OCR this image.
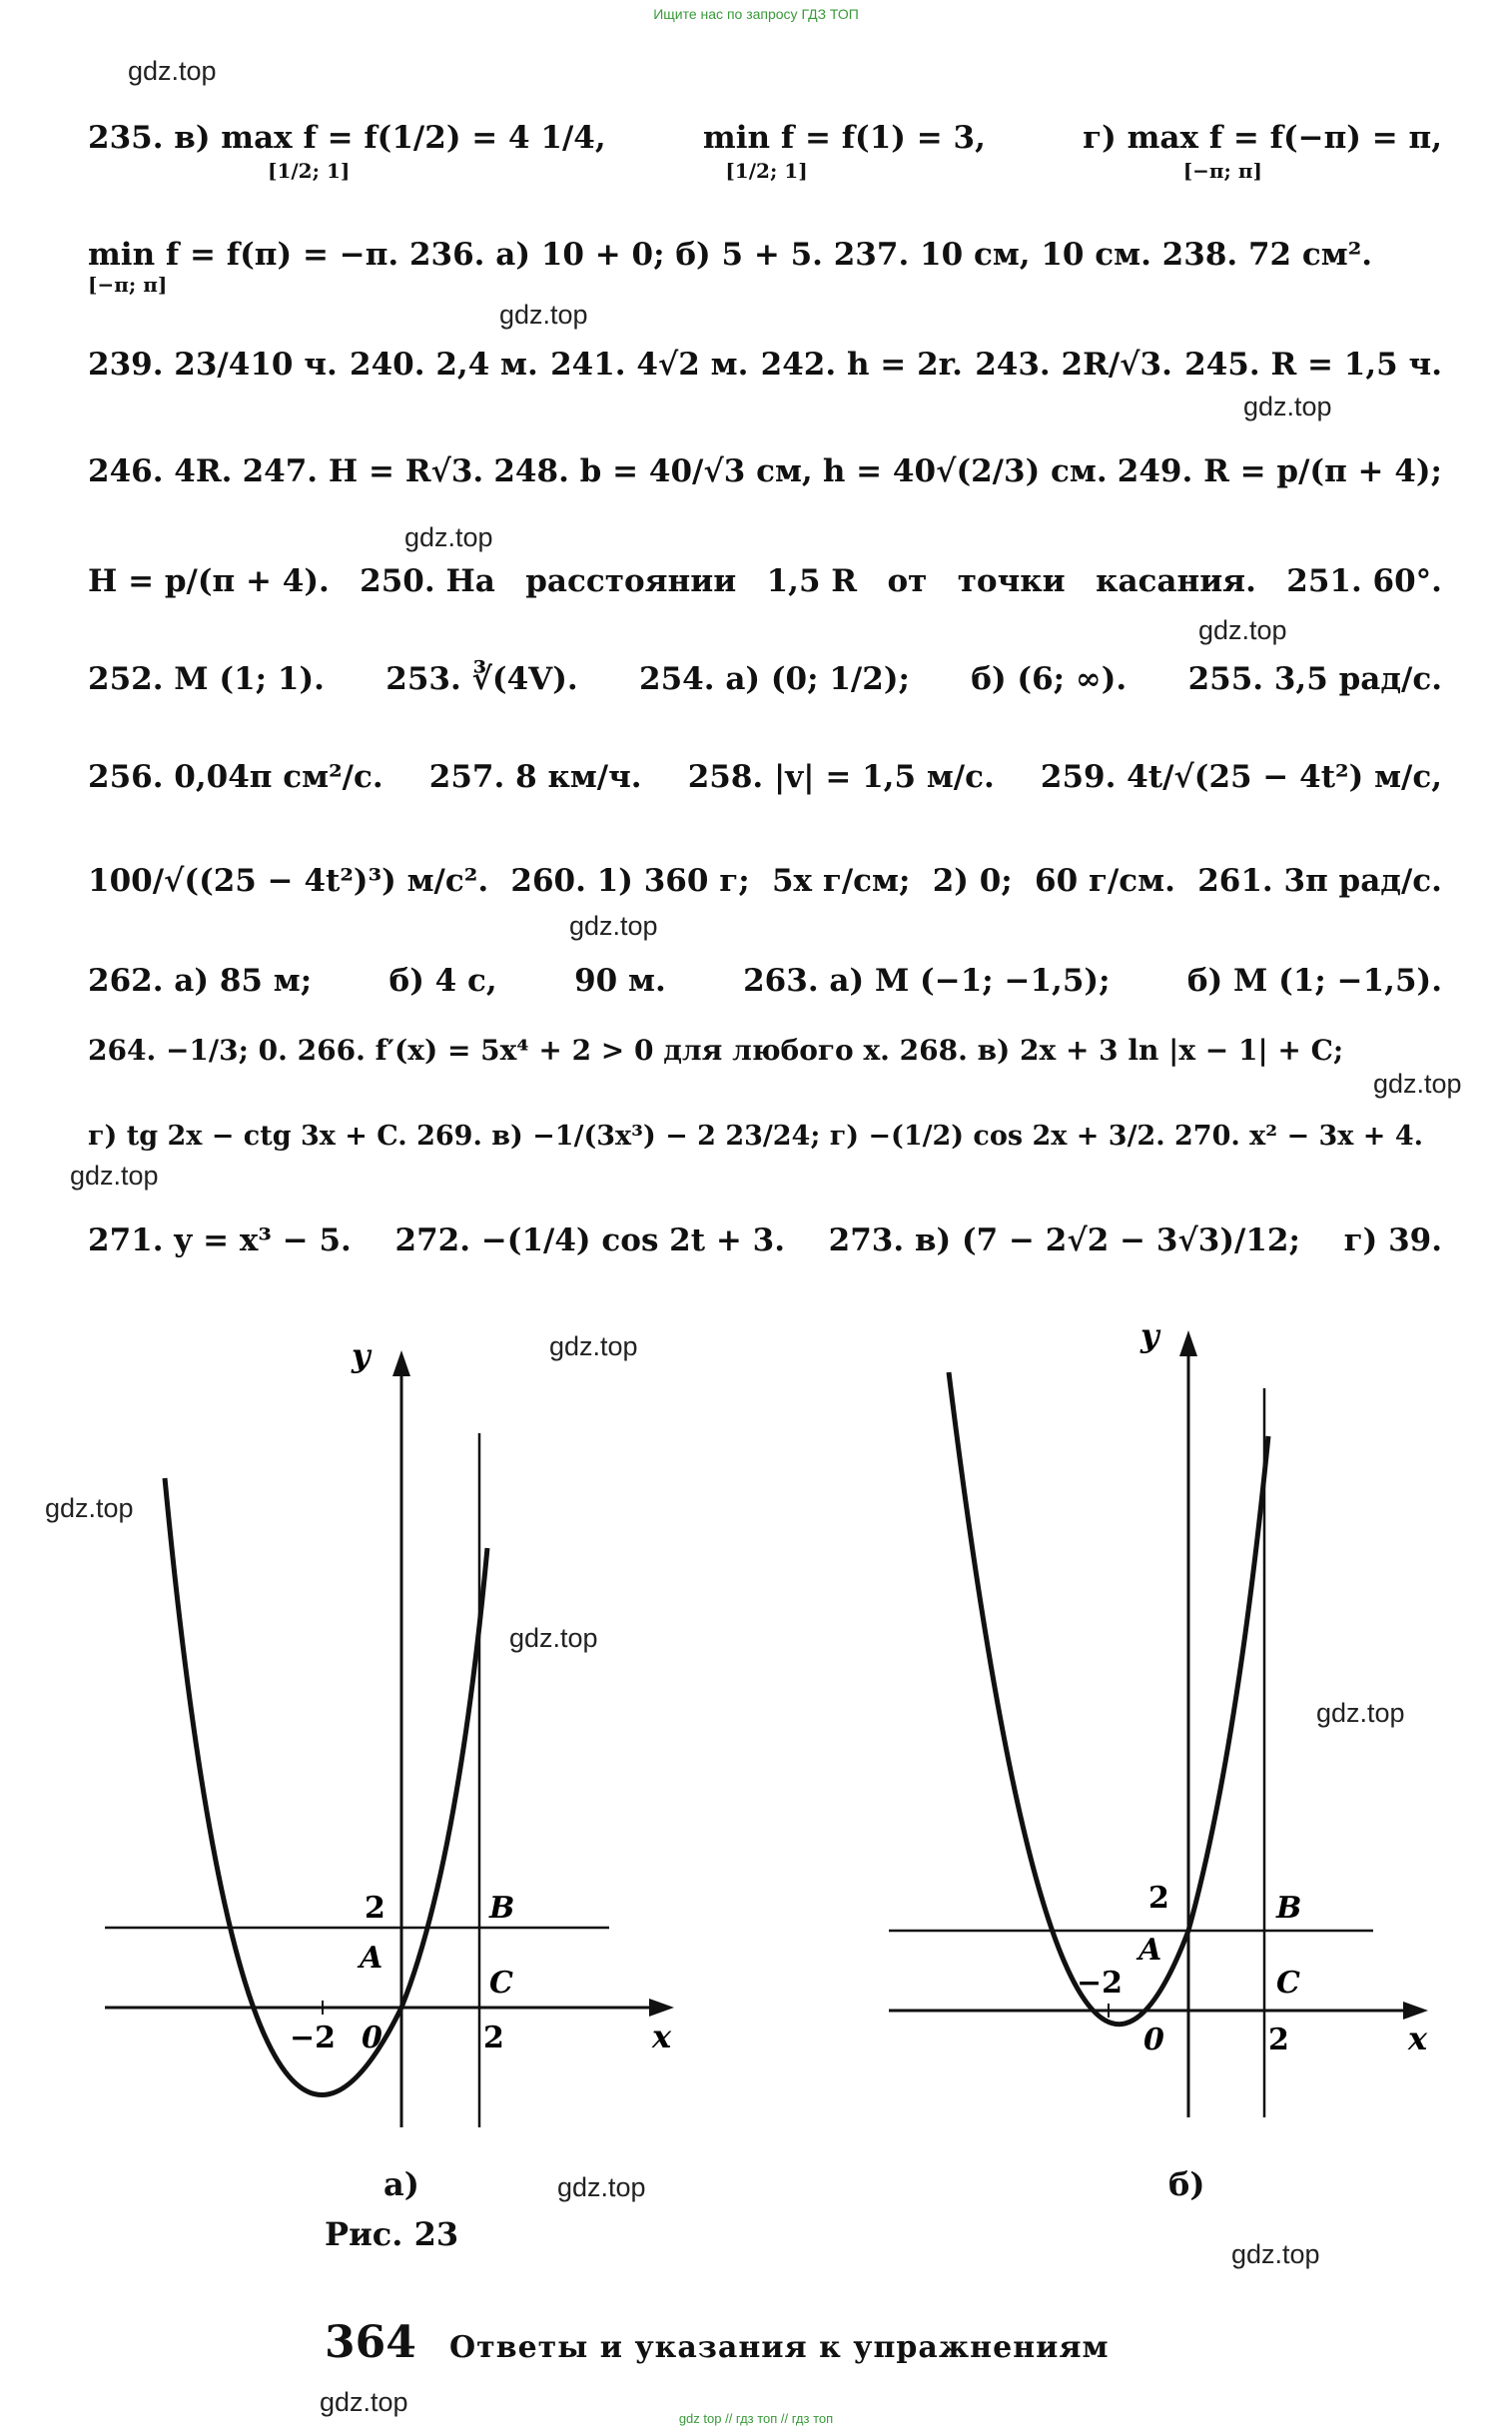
Ищите нас по запросу ГДЗ ТОП
gdz.top
gdz.top
gdz.top
gdz.top
gdz.top
gdz.top
gdz.top
gdz.top
gdz.top
gdz.top
gdz.top
gdz.top
gdz.top
gdz.top
gdz.top
235. в) max f = f(1/2) = 4 1/4,	min f = f(1) = 3,	г) max f = f(−π) = π,
[1/2; 1]	[1/2; 1]	[−π; π]
min f = f(π) = −π. 236. а) 10 + 0; б) 5 + 5. 237. 10 см, 10 см. 238. 72 см².
[−π; π]
239. 23/410 ч. 240. 2,4 м. 241. 4√2 м. 242. h = 2r. 243. 2R/√3. 245. R = 1,5 ч.
246. 4R. 247. H = R√3. 248. b = 40/√3 см, h = 40√(2/3) см. 249. R = p/(π + 4);
H = p/(π + 4). 250. На расстоянии 1,5 R от точки касания. 251. 60°.
252. M (1; 1). 253. ∛(4V). 254. а) (0; 1/2); б) (6; ∞). 255. 3,5 рад/с.
256. 0,04π см²/с. 257. 8 км/ч. 258. |v| = 1,5 м/с. 259. 4t/√(25 − 4t²) м/с,
100/√((25 − 4t²)³) м/с². 260. 1) 360 г; 5x г/см; 2) 0; 60 г/см. 261. 3π рад/с.
262. а) 85 м; б) 4 с, 90 м. 263. а) M (−1; −1,5); б) M (1; −1,5).
264. −1/3; 0. 266. f′(x) = 5x⁴ + 2 > 0 для любого x. 268. в) 2x + 3 ln |x − 1| + C;
г) tg 2x − ctg 3x + C. 269. в) −1/(3x³) − 2 23/24; г) −(1/2) cos 2x + 3/2. 270. x² − 3x + 4.
271. y = x³ − 5. 272. −(1/4) cos 2t + 3. 273. в) (7 − 2√2 − 3√3)/12; г) 39.
y
x
0
−2	2
2
A
B
C
а)
Рис. 23
y
x
0
−2
2
2
A
B
C
б)
364 Ответы и указания к упражнениям
gdz top // гдз топ // гдз топ
